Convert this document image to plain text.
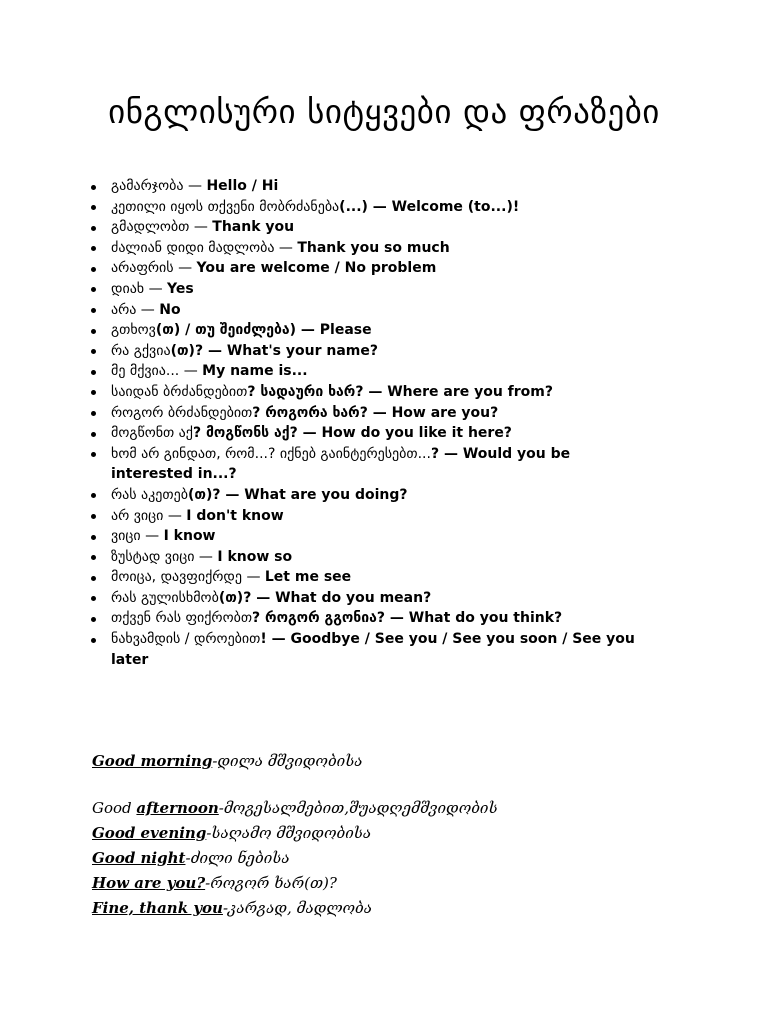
ინგლისური სიტყვები და ფრაზები
გამარჯობა — Hello / Hi
კეთილი იყოს თქვენი მობრძანება(...) — Welcome (to...)!
გმადლობთ — Thank you
ძალიან დიდი მადლობა — Thank you so much
არაფრის — You are welcome / No problem
დიახ — Yes
არა — No
გთხოვ(თ) / თუ შეიძლება) — Please
რა გქვია(თ)? — What's your name?
მე მქვია... — My name is...
საიდან ბრძანდებით? სადაური ხარ? — Where are you from?
როგორ ბრძანდებით? როგორა ხარ? — How are you?
მოგწონთ აქ? მოგწონს აქ? — How do you like it here?
ხომ არ გინდათ, რომ...? იქნებ გაინტერესებთ...? — Would you be interested in...?
რას აკეთებ(თ)? — What are you doing?
არ ვიცი — I don't know
ვიცი — I know
ზუსტად ვიცი — I know so
მოიცა, დავფიქრდე — Let me see
რას გულისხმობ(თ)? — What do you mean?
თქვენ რას ფიქრობთ? როგორ გგონია? — What do you think?
ნახვამდის / დროებით! — Goodbye / See you / See you soon / See you later
Good morning-დილა მშვიდობისა
Good afternoon-მოგესალმებით,შუადღემშვიდობის
Good evening-საღამო მშვიდობისა
Good night-ძილი ნებისა
How are you?-როგორ ხარ(თ)?
Fine, thank you-კარგად, მადლობა
